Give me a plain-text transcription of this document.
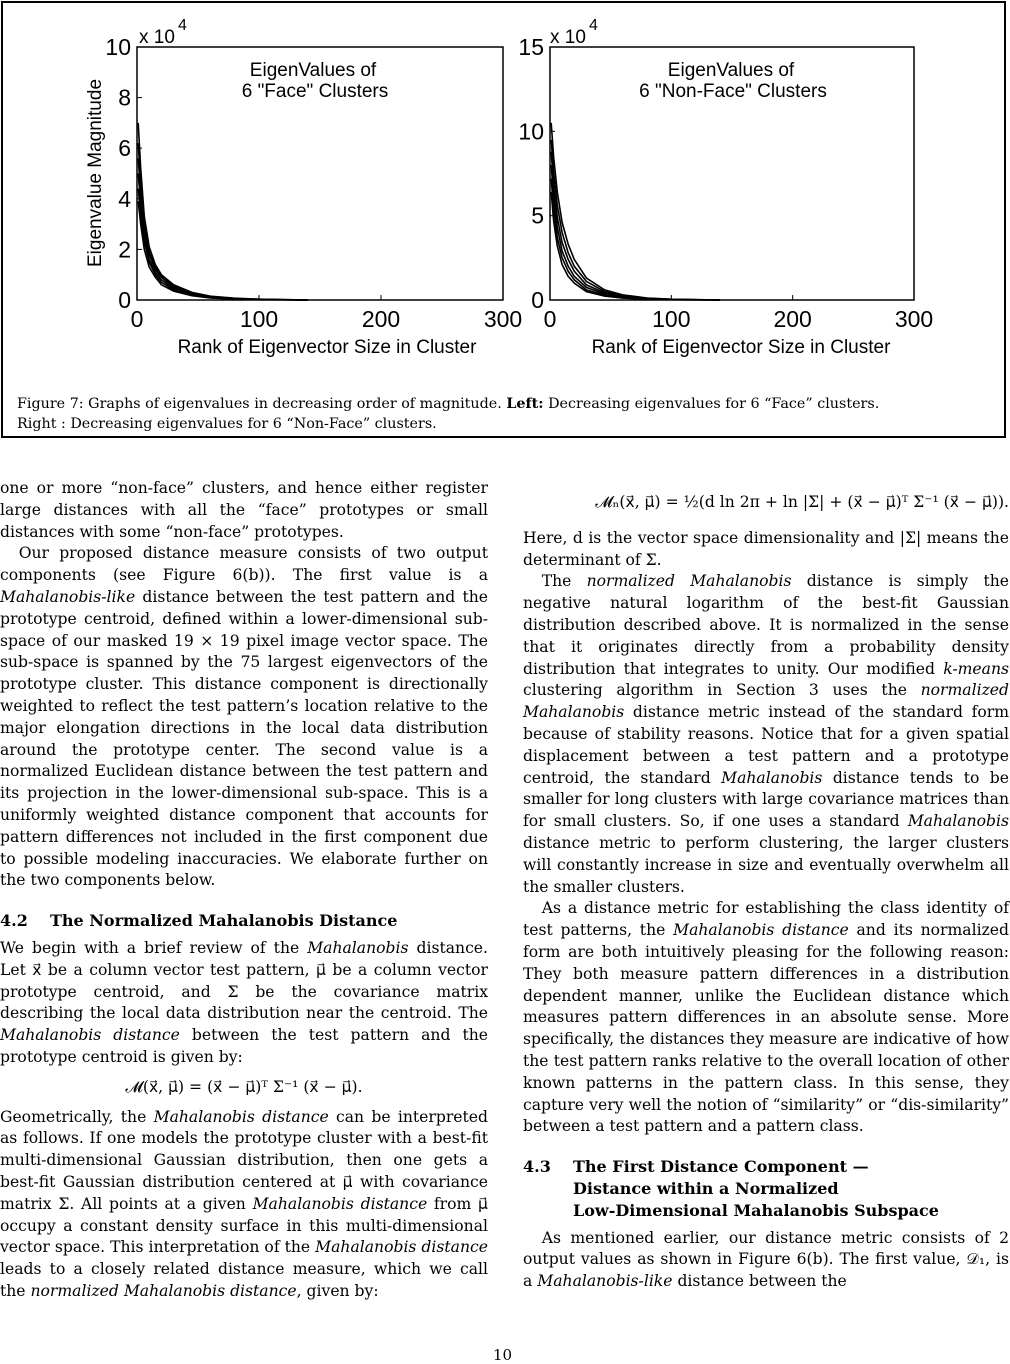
EigenValues of
6 "Face" Clusters
x 10
4
Eigenvalue Magnitude
Rank of Eigenvector Size in Cluster
0
2
4
6
8
10
0	100	200	300
EigenValues of
6 "Non-Face" Clusters
x 10
4
Rank of Eigenvector Size in Cluster
0
5
10
15
0	100	200	300
Figure 7: Graphs of eigenvalues in decreasing order of magnitude. Left: Decreasing eigenvalues for 6 “Face” clusters.
Right : Decreasing eigenvalues for 6 “Non-Face” clusters.

one or more “non-face” clusters, and hence either register large distances with all the “face” prototypes or small distances with some “non-face” prototypes.

Our proposed distance measure consists of two output components (see Figure 6(b)). The first value is a Mahalanobis-like distance between the test pattern and the prototype centroid, defined within a lower-dimensional sub-space of our masked 19 × 19 pixel image vector space. The sub-space is spanned by the 75 largest eigenvectors of the prototype cluster. This distance component is directionally weighted to reflect the test pattern’s location relative to the major elongation directions in the local data distribution around the prototype center. The second value is a normalized Euclidean distance between the test pattern and its projection in the lower-dimensional sub-space. This is a uniformly weighted distance component that accounts for pattern differences not included in the first component due to possible modeling inaccuracies. We elaborate further on the two components below.

4.2	The Normalized Mahalanobis Distance

We begin with a brief review of the Mahalanobis distance. Let x⃗ be a column vector test pattern, μ⃗ be a column vector prototype centroid, and Σ be the covariance matrix describing the local data distribution near the centroid. The Mahalanobis distance between the test pattern and the prototype centroid is given by:

𝓜(x⃗, μ⃗) = (x⃗ − μ⃗)ᵀ Σ⁻¹ (x⃗ − μ⃗).

Geometrically, the Mahalanobis distance can be interpreted as follows. If one models the prototype cluster with a best-fit multi-dimensional Gaussian distribution, then one gets a best-fit Gaussian distribution centered at μ⃗ with covariance matrix Σ. All points at a given Mahalanobis distance from μ⃗ occupy a constant density surface in this multi-dimensional vector space. This interpretation of the Mahalanobis distance leads to a closely related distance measure, which we call the normalized Mahalanobis distance, given by:

𝓜ₙ(x⃗, μ⃗) = ½(d ln 2π + ln |Σ| + (x⃗ − μ⃗)ᵀ Σ⁻¹ (x⃗ − μ⃗)).

Here, d is the vector space dimensionality and |Σ| means the determinant of Σ.

The normalized Mahalanobis distance is simply the negative natural logarithm of the best-fit Gaussian distribution described above. It is normalized in the sense that it originates directly from a probability density distribution that integrates to unity. Our modified k-means clustering algorithm in Section 3 uses the normalized Mahalanobis distance metric instead of the standard form because of stability reasons. Notice that for a given spatial displacement between a test pattern and a prototype centroid, the standard Mahalanobis distance tends to be smaller for long clusters with large covariance matrices than for small clusters. So, if one uses a standard Mahalanobis distance metric to perform clustering, the larger clusters will constantly increase in size and eventually overwhelm all the smaller clusters.

As a distance metric for establishing the class identity of test patterns, the Mahalanobis distance and its normalized form are both intuitively pleasing for the following reason: They both measure pattern differences in a distribution dependent manner, unlike the Euclidean distance which measures pattern differences in an absolute sense. More specifically, the distances they measure are indicative of how the test pattern ranks relative to the overall location of other known patterns in the pattern class. In this sense, they capture very well the notion of “similarity” or “dis-similarity” between a test pattern and a pattern class.

4.3	The First Distance Component —
Distance within a Normalized
Low-Dimensional Mahalanobis Subspace

As mentioned earlier, our distance metric consists of 2 output values as shown in Figure 6(b). The first value, 𝒟₁, is a Mahalanobis-like distance between the

10
